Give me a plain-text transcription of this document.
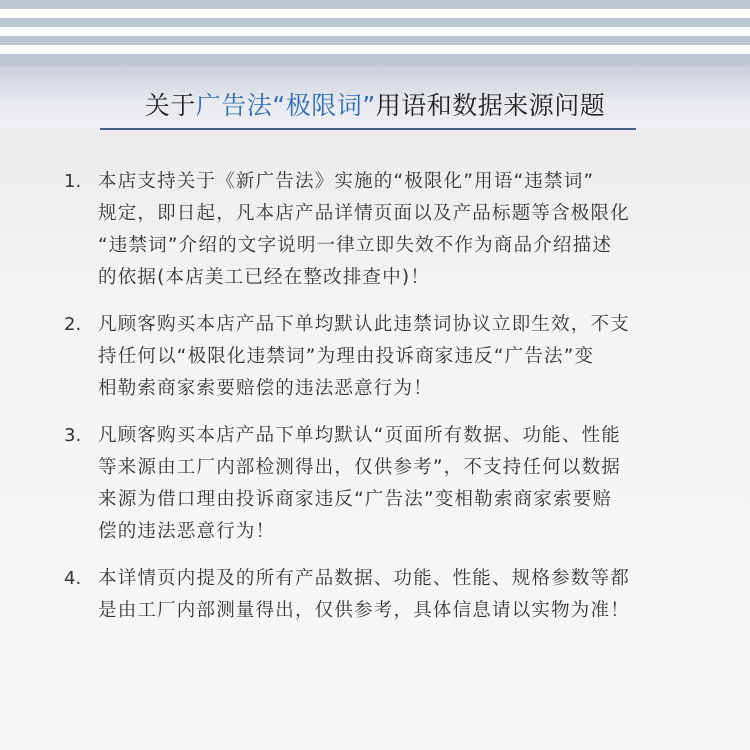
关于广告法“极限词”用语和数据来源问题
1. 本店支持关于《新广告法》实施的“极限化”用语“违禁词”
规定，即日起，凡本店产品详情页面以及产品标题等含极限化
“违禁词”介绍的文字说明一律立即失效不作为商品介绍描述
的依据(本店美工已经在整改排查中)！
2. 凡顾客购买本店产品下单均默认此违禁词协议立即生效，不支
持任何以“极限化违禁词”为理由投诉商家违反“广告法”变
相勒索商家索要赔偿的违法恶意行为！
3. 凡顾客购买本店产品下单均默认“页面所有数据、功能、性能
等来源由工厂内部检测得出，仅供参考”，不支持任何以数据
来源为借口理由投诉商家违反“广告法”变相勒索商家索要赔
偿的违法恶意行为！
4. 本详情页内提及的所有产品数据、功能、性能、规格参数等都
是由工厂内部测量得出，仅供参考，具体信息请以实物为准！
